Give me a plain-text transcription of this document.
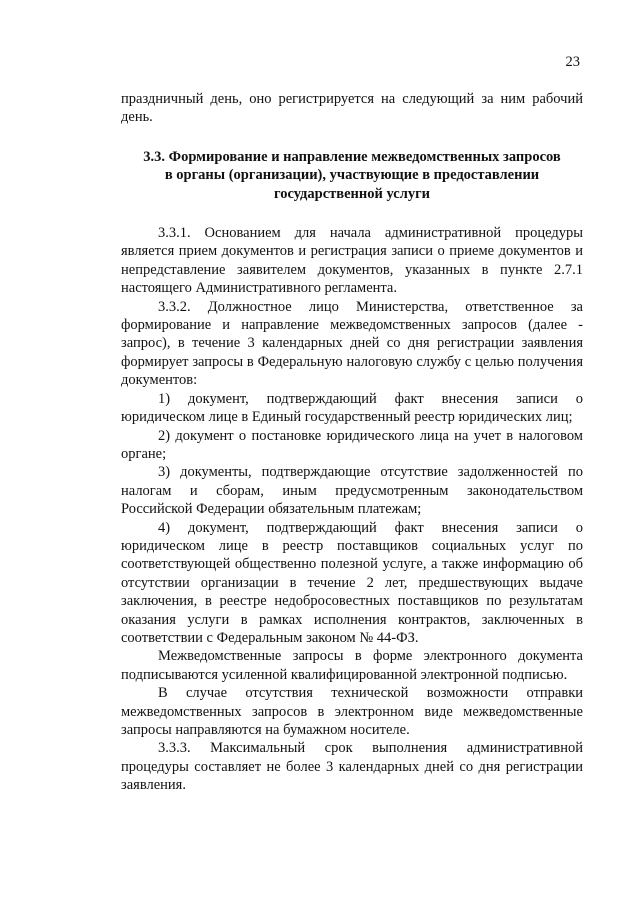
23

праздничный день, оно регистрируется на следующий за ним рабочий день.

3.3. Формирование и направление межведомственных запросов
в органы (организации), участвующие в предоставлении
государственной услуги

3.3.1. Основанием для начала административной процедуры является прием документов и регистрация записи о приеме документов и непредставление заявителем документов, указанных в пункте 2.7.1 настоящего Административного регламента.

3.3.2. Должностное лицо Министерства, ответственное за формирование и направление межведомственных запросов (далее - запрос), в течение 3 календарных дней со дня регистрации заявления формирует запросы в Федеральную налоговую службу с целью получения документов:

1) документ, подтверждающий факт внесения записи о юридическом лице в Единый государственный реестр юридических лиц;

2) документ о постановке юридического лица на учет в налоговом органе;

3) документы, подтверждающие отсутствие задолженностей по налогам и сборам, иным предусмотренным законодательством Российской Федерации обязательным платежам;

4) документ, подтверждающий факт внесения записи о юридическом лице в реестр поставщиков социальных услуг по соответствующей общественно полезной услуге, а также информацию об отсутствии организации в течение 2 лет, предшествующих выдаче заключения, в реестре недобросовестных поставщиков по результатам оказания услуги в рамках исполнения контрактов, заключенных в соответствии с Федеральным законом № 44-ФЗ.

Межведомственные запросы в форме электронного документа подписываются усиленной квалифицированной электронной подписью.

В случае отсутствия технической возможности отправки межведомственных запросов в электронном виде межведомственные запросы направляются на бумажном носителе.

3.3.3. Максимальный срок выполнения административной процедуры составляет не более 3 календарных дней со дня регистрации заявления.
